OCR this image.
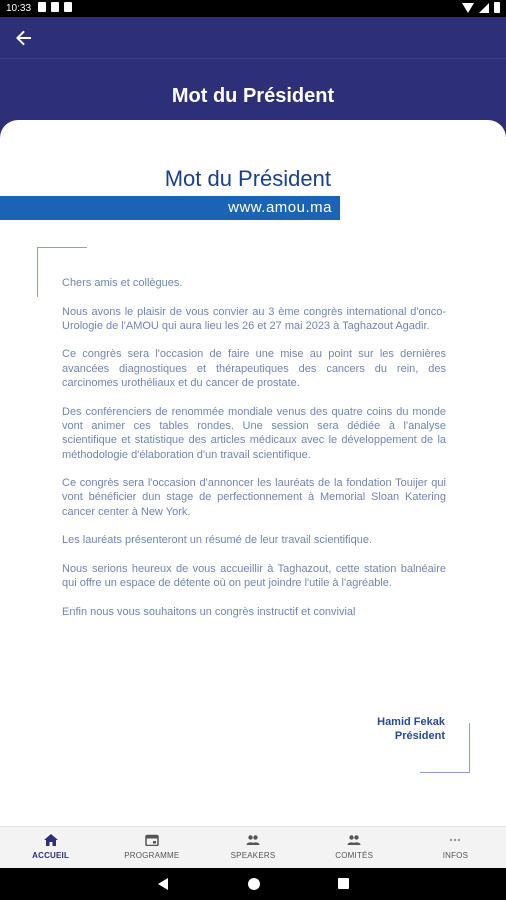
10:33
Mot du Président
Mot du Président
www.amou.ma

Chers amis et collègues.

Nous avons le plaisir de vous convier au 3 ème congrès international d'onco-Urologie de l'AMOU qui aura lieu les 26 et 27 mai 2023 à Taghazout Agadir.

Ce congrès sera l'occasion de faire une mise au point sur les dernières avancées diagnostiques et thérapeutiques des cancers du rein, des carcinomes urothéliaux et du cancer de prostate.

Des conférenciers de renommée mondiale venus des quatre coins du monde vont animer ces tables rondes. Une session sera dédiée à l'analyse scientifique et statistique des articles médicaux avec le développement de la méthodologie d'élaboration d'un travail scientifique.

Ce congrès sera l'occasion d'annoncer les lauréats de la fondation Touijer qui vont bénéficier dun stage de perfectionnement à Memorial Sloan Katering cancer center à New York.

Les lauréats présenteront un résumé de leur travail scientifique.

Nous serions heureux de vous accueillir à Taghazout, cette station balnéaire qui offre un espace de détente où on peut joindre l'utile à l'agréable.

Enfin nous vous souhaitons un congrès instructif et convivial

Hamid Fekak
Président
ACCUEIL	PROGRAMME	SPEAKERS	COMITÉS	INFOS
